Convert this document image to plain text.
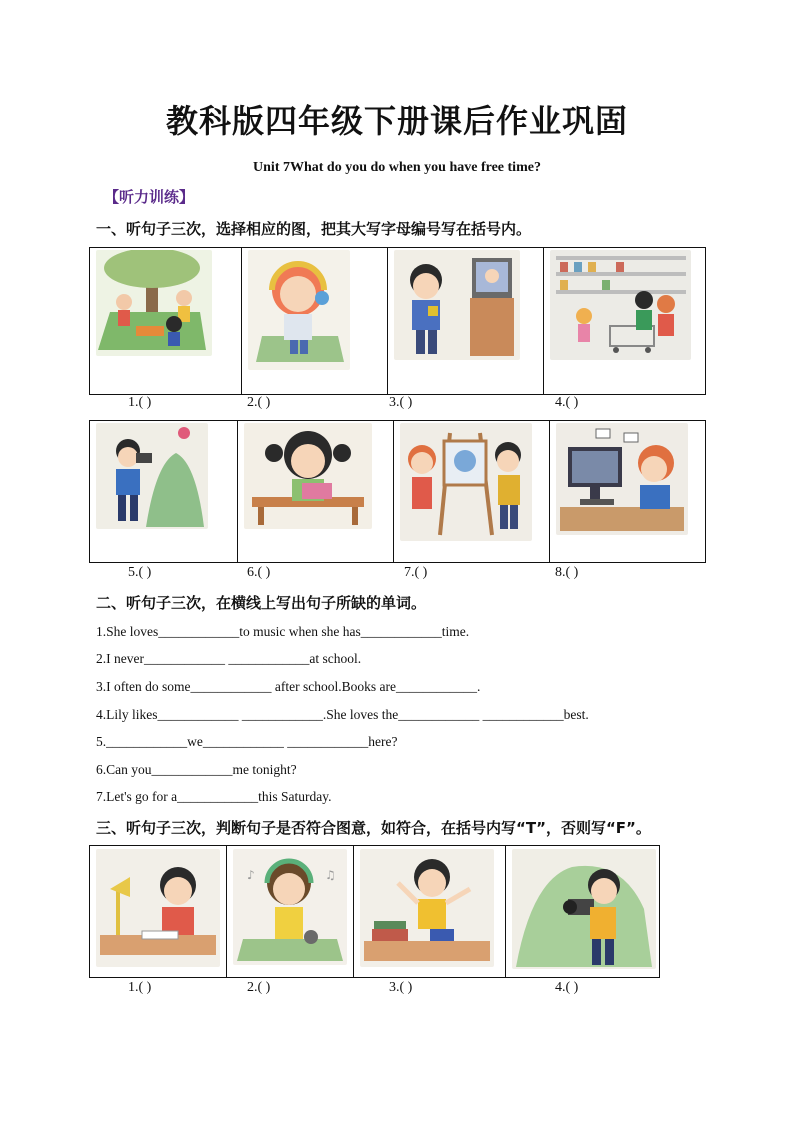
教科版四年级下册课后作业巩固
Unit 7What do you do when you have free time?
【听力训练】
一、听句子三次，选择相应的图，把其大写字母编号写在括号内。
1.( )	2.( )	3.( )	4.( )
5.( )	6.( )	7.( )	8.( )
二、听句子三次，在横线上写出句子所缺的单词。
1.She loves____________to music when she has____________time.
2.I never____________ ____________at school.
3.I often do some____________ after school.Books are____________.
4.Lily likes____________ ____________.She loves the____________ ____________best.
5.____________we____________ ____________here?
6.Can you____________me tonight?
7.Let's go for a____________this Saturday.
三、听句子三次，判断句子是否符合图意，如符合，在括号内写“T”，否则写“F”。
♪	♫
1.( )	2.( )	3.( )	4.( )
